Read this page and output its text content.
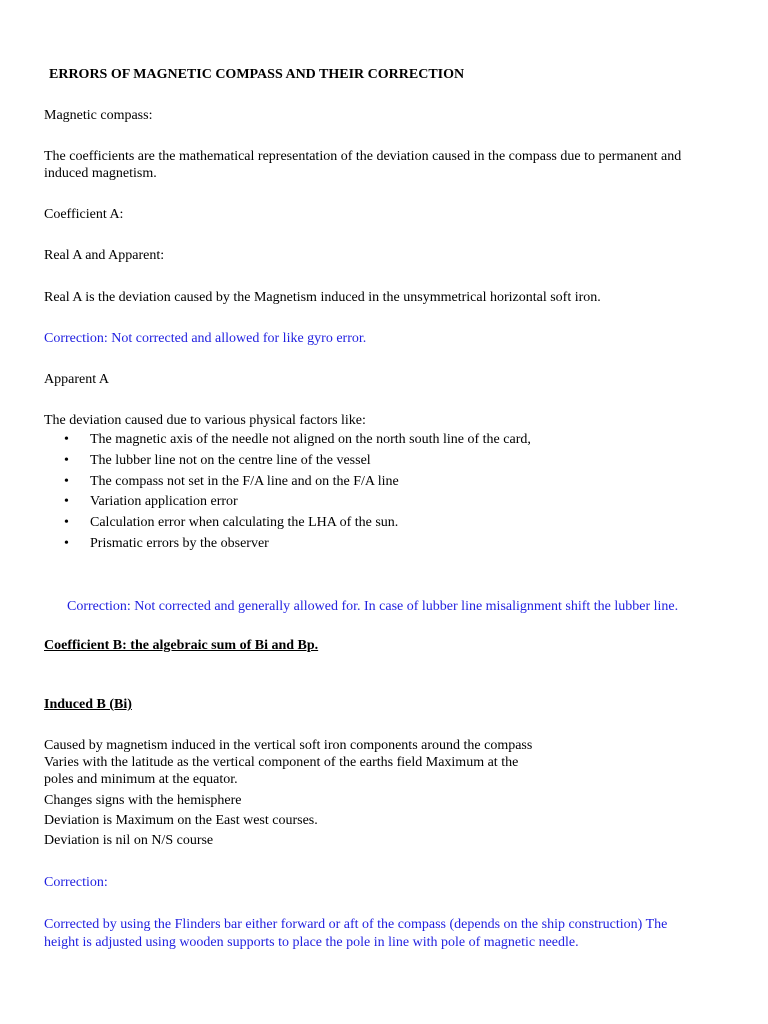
ERRORS OF MAGNETIC COMPASS AND THEIR CORRECTION
Magnetic compass:
The coefficients are the mathematical representation of the deviation caused in the compass due to permanent and
induced magnetism.
Coefficient A:
Real A and Apparent:
Real A is the deviation caused by the Magnetism induced in the unsymmetrical horizontal soft iron.
Correction: Not corrected and allowed for like gyro error.
Apparent A
The deviation caused due to various physical factors like:
• The magnetic axis of the needle not aligned on the north south line of the card,
• The lubber line not on the centre line of the vessel
• The compass not set in the F/A line and on the F/A line
• Variation application error
• Calculation error when calculating the LHA of the sun.
• Prismatic errors by the observer
Correction: Not corrected and generally allowed for. In case of lubber line misalignment shift the lubber line.
Coefficient B: the algebraic sum of Bi and Bp.
Induced B (Bi)
Caused by magnetism induced in the vertical soft iron components around the compass
Varies with the latitude as the vertical component of the earths field Maximum at the
poles and minimum at the equator.
Changes signs with the hemisphere
Deviation is Maximum on the East west courses.
Deviation is nil on N/S course
Correction:
Corrected by using the Flinders bar either forward or aft of the compass (depends on the ship construction) The
height is adjusted using wooden supports to place the pole in line with pole of magnetic needle.
